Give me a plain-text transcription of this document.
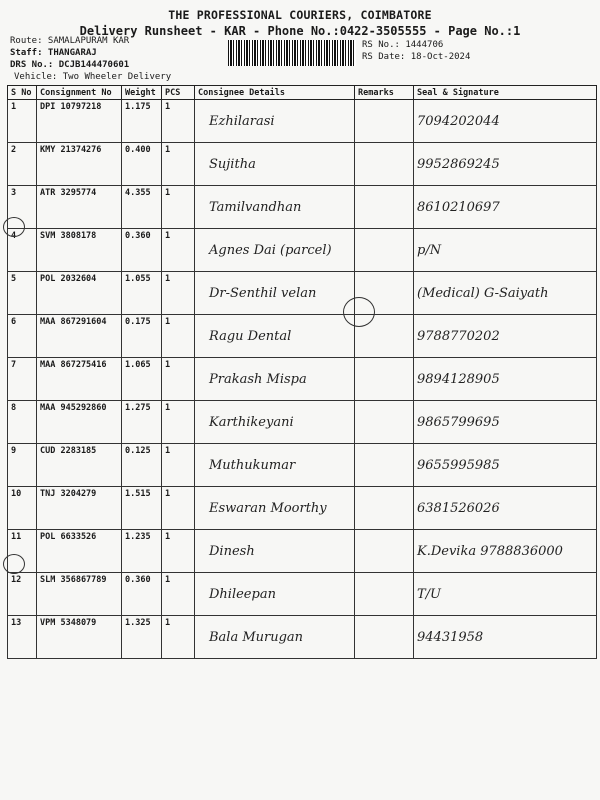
THE PROFESSIONAL COURIERS, COIMBATORE
Delivery Runsheet - KAR - Phone No.:0422-3505555 - Page No.:1
Route: SAMALAPURAM KAR
Staff: THANGARAJ
DRS No.: DCJB144470601
Vehicle: Two Wheeler Delivery
RS No.: 1444706
RS Date: 18-Oct-2024
S No	Consignment No	Weight	PCS	Consignee Details	Remarks	Seal & Signature
1	DPI 10797218	1.175	1	Ezhilarasi		7094202044
2	KMY 21374276	0.400	1	Sujitha		9952869245
3	ATR 3295774	4.355	1	Tamilvandhan		8610210697
4	SVM 3808178	0.360	1	Agnes Dai (parcel)		p/N
5	POL 2032604	1.055	1	Dr-Senthil velan		(Medical) G-Saiyath
6	MAA 867291604	0.175	1	Ragu Dental		9788770202
7	MAA 867275416	1.065	1	Prakash Mispa		9894128905
8	MAA 945292860	1.275	1	Karthikeyani		9865799695
9	CUD 2283185	0.125	1	Muthukumar		9655995985
10	TNJ 3204279	1.515	1	Eswaran Moorthy		6381526026
11	POL 6633526	1.235	1	Dinesh		K.Devika 9788836000
12	SLM 356867789	0.360	1	Dhileepan		T/U
13	VPM 5348079	1.325	1	Bala Murugan		94431958
